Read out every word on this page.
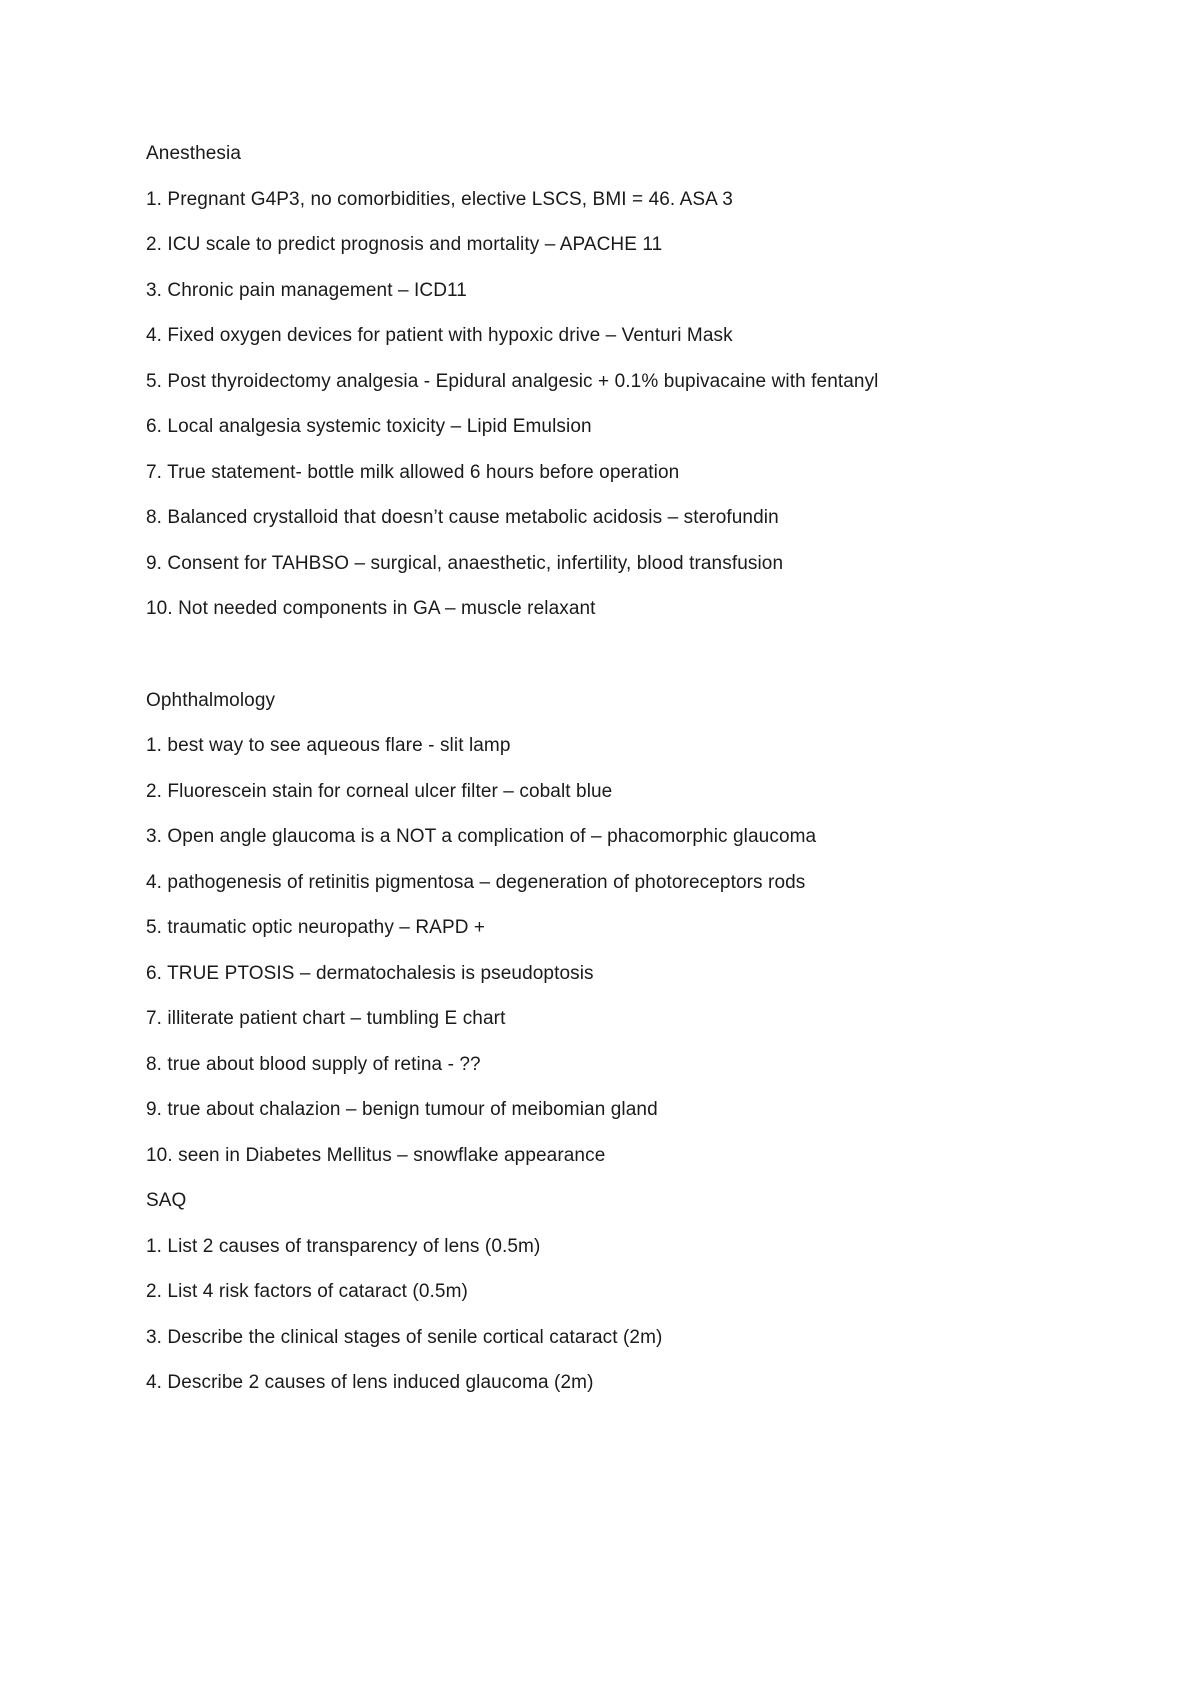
Anesthesia
1. Pregnant G4P3, no comorbidities, elective LSCS, BMI = 46. ASA 3
2. ICU scale to predict prognosis and mortality – APACHE 11
3. Chronic pain management – ICD11
4. Fixed oxygen devices for patient with hypoxic drive – Venturi Mask
5. Post thyroidectomy analgesia - Epidural analgesic + 0.1% bupivacaine with fentanyl
6. Local analgesia systemic toxicity – Lipid Emulsion
7. True statement- bottle milk allowed 6 hours before operation
8. Balanced crystalloid that doesn’t cause metabolic acidosis – sterofundin
9. Consent for TAHBSO – surgical, anaesthetic, infertility, blood transfusion
10. Not needed components in GA – muscle relaxant
Ophthalmology
1. best way to see aqueous flare - slit lamp
2. Fluorescein stain for corneal ulcer filter – cobalt blue
3. Open angle glaucoma is a NOT a complication of – phacomorphic glaucoma
4. pathogenesis of retinitis pigmentosa – degeneration of photoreceptors rods
5. traumatic optic neuropathy – RAPD +
6. TRUE PTOSIS – dermatochalesis is pseudoptosis
7. illiterate patient chart – tumbling E chart
8. true about blood supply of retina - ??
9. true about chalazion – benign tumour of meibomian gland
10. seen in Diabetes Mellitus – snowflake appearance
SAQ
1. List 2 causes of transparency of lens (0.5m)
2. List 4 risk factors of cataract (0.5m)
3. Describe the clinical stages of senile cortical cataract (2m)
4. Describe 2 causes of lens induced glaucoma (2m)
